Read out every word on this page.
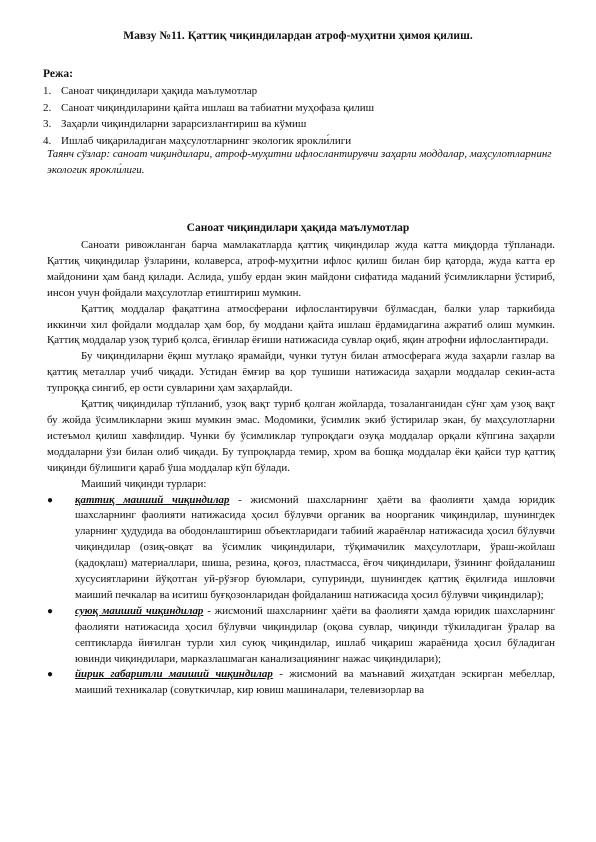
Мавзу №11. Қаттиқ чиқиндилардан атроф-муҳитни ҳимоя қилиш.
Режа:
1. Саноат чиқиндилари ҳақида маълумотлар
2. Саноат чиқиндиларини қайта ишлаш ва табиатни муҳофаза қилиш
3. Заҳарли чиқиндиларни зарарсизлантириш ва кўмиш
4. Ишлаб чиқариладиган маҳсулотларнинг экологик ярокли́лиги
Таянч сўзлар: саноат чиқиндилари, атроф-муҳитни ифлослантирувчи заҳарли моддалар, маҳсулотларнинг экологик ярокли́лиги.
Саноат чиқиндилари ҳақида маълумотлар

Саноати ривожланган барча мамлакатларда қаттиқ чиқиндилар жуда катта миқдорда тўпланади. Қаттиқ чиқиндилар ўзларини, колаверса, атроф-муҳитни ифлос қилиш билан бир қаторда, жуда катта ер майдонини ҳам банд қилади. Аслида, ушбу ердан экин майдони сифатида маданий ўсимликларни ўстириб, инсон учун фойдали маҳсулотлар етиштириш мумкин.

Қаттиқ моддалар фақатгина атмосферани ифлослантирувчи бўлмасдан, балки улар таркибида иккинчи хил фойдали моддалар ҳам бор, бу моддани қайта ишлаш ёрдамидагина ажратиб олиш мумкин. Қаттиқ моддалар узоқ туриб қолса, ёғинлар ёғиши натижасида сувлар оқиб, яқин атрофни ифлослантиради.

Бу чиқиндиларни ёқиш мутлақо ярамайди, чунки тутун билан атмосферага жуда заҳарли газлар ва қаттиқ металлар учиб чиқади. Устидан ёмғир ва қор тушиши натижасида заҳарли моддалар секин-аста тупроққа сингиб, ер ости сувларини ҳам заҳарлайди.

Қаттиқ чиқиндилар тўпланиб, узоқ вақт туриб қолган жойларда, тозаланганидан сўнг ҳам узоқ вақт бу жойда ўсимликларни экиш мумкин эмас. Модомики, ўсимлик экиб ўстирилар экан, бу маҳсулотларни истеъмол қилиш хавфлидир. Чунки бу ўсимликлар тупроқдаги озуқа моддалар орқали кўпгина заҳарли моддаларни ўзи билан олиб чиқади. Бу тупроқларда темир, хром ва бошқа моддалар ёки қайси тур қаттиқ чиқинди бўлишиги қараб ўша моддалар кўп бўлади.

Маиший чиқинди турлари:

● қаттиқ маиший чиқиндилар - жисмоний шахсларнинг ҳаёти ва фаолияти ҳамда юридик шахсларнинг фаолияти натижасида ҳосил бўлувчи органик ва ноорганик чиқиндилар, шунингдек уларнинг ҳудудида ва ободонлаштириш объектларидаги табиий жараёнлар натижасида ҳосил бўлувчи чиқиндилар (озиқ-овқат ва ўсимлик чиқиндилари, тўқимачилик маҳсулотлари, ўраш-жойлаш (қадоқлаш) материаллари, шиша, резина, қоғоз, пластмасса, ёғоч чиқиндилари, ўзининг фойдаланиш хусусиятларини йўқотган уй-рўзғор буюмлари, супуринди, шунингдек қаттиқ ёқилғида ишловчи маиший печкалар ва иситиш буғқозонларидан фойдаланиш натижасида ҳосил бўлувчи чиқиндилар);
● суюқ маиший чиқиндилар - жисмоний шахсларнинг ҳаёти ва фаолияти ҳамда юридик шахсларнинг фаолияти натижасида ҳосил бўлувчи чиқиндилар (оқова сувлар, чиқинди тўкиладиган ўралар ва септикларда йиғилган турли хил суюқ чиқиндилар, ишлаб чиқариш жараёнида ҳосил бўладиган ювинди чиқиндилари, марказлашмаган канализациянинг нажас чиқиндилари);
● йирик габаритли маиший чиқиндилар - жисмоний ва маънавий жиҳатдан эскирган мебеллар, маиший техникалар (совуткичлар, кир ювиш машиналари, телевизорлар ва
